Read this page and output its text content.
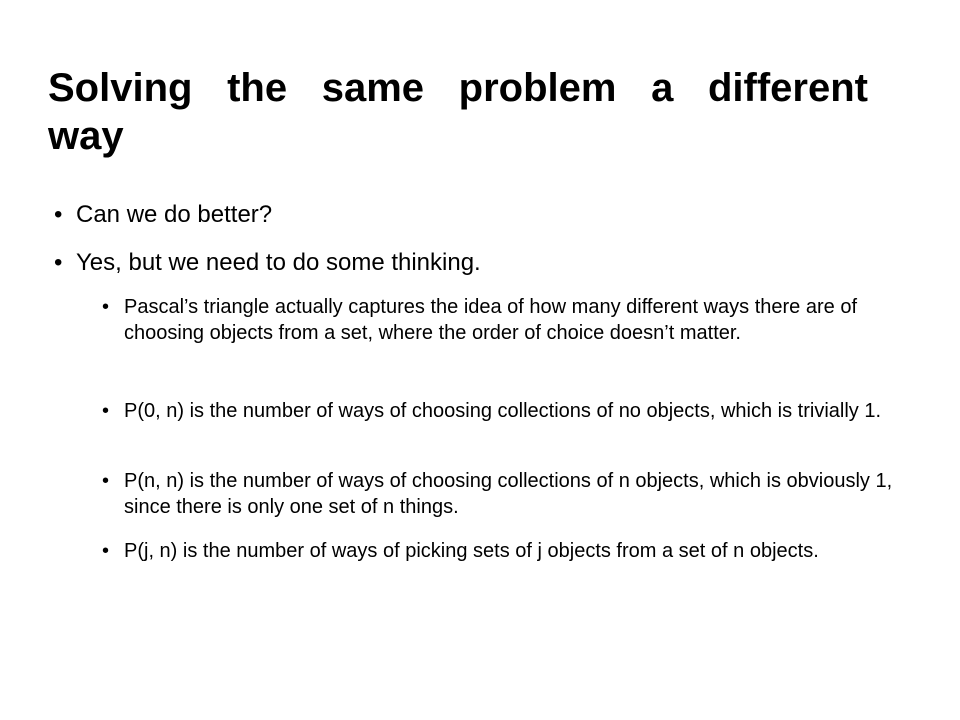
Solving the same problem a different way
• Can we do better?
• Yes, but we need to do some thinking.
• Pascal’s triangle actually captures the idea of how many different ways there are of choosing objects from a set, where the order of choice doesn’t matter.
• P(0, n) is the number of ways of choosing collections of no objects, which is trivially 1.
• P(n, n) is the number of ways of choosing collections of n objects, which is obviously 1, since there is only one set of n things.
• P(j, n) is the number of ways of picking sets of j objects from a set of n objects.
